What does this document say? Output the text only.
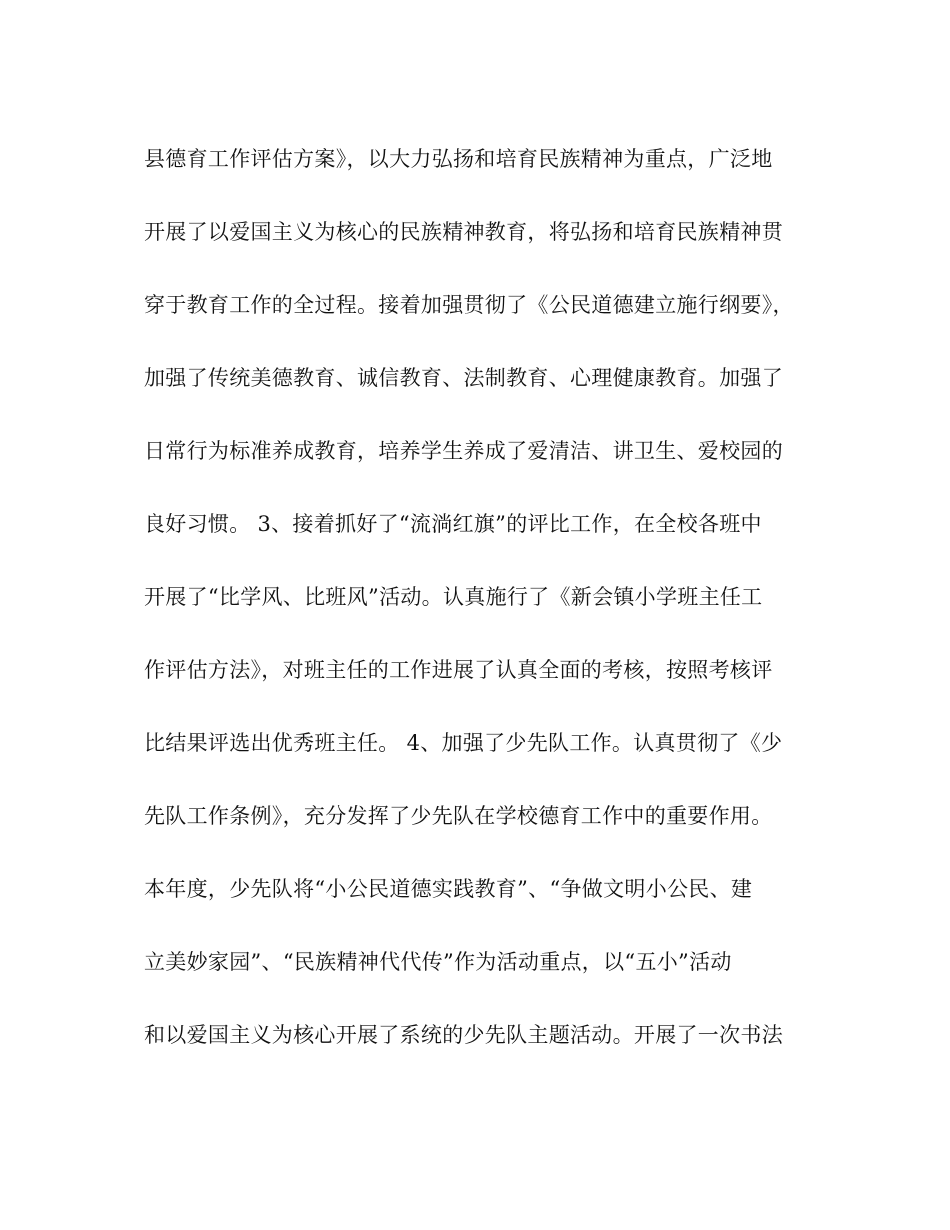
县德育工作评估方案》，以大力弘扬和培育民族精神为重点，广泛地
开展了以爱国主义为核心的民族精神教育，将弘扬和培育民族精神贯
穿于教育工作的全过程。接着加强贯彻了《公民道德建立施行纲要》，
加强了传统美德教育、诚信教育、法制教育、心理健康教育。加强了
日常行为标准养成教育，培养学生养成了爱清洁、讲卫生、爱校园的
良好习惯。 3、接着抓好了“流淌红旗”的评比工作，在全校各班中
开展了“比学风、比班风”活动。认真施行了《新会镇小学班主任工
作评估方法》，对班主任的工作进展了认真全面的考核，按照考核评
比结果评选出优秀班主任。 4、加强了少先队工作。认真贯彻了《少
先队工作条例》，充分发挥了少先队在学校德育工作中的重要作用。
本年度，少先队将“小公民道德实践教育”、“争做文明小公民、建
立美妙家园”、“民族精神代代传”作为活动重点，以“五小”活动
和以爱国主义为核心开展了系统的少先队主题活动。开展了一次书法
